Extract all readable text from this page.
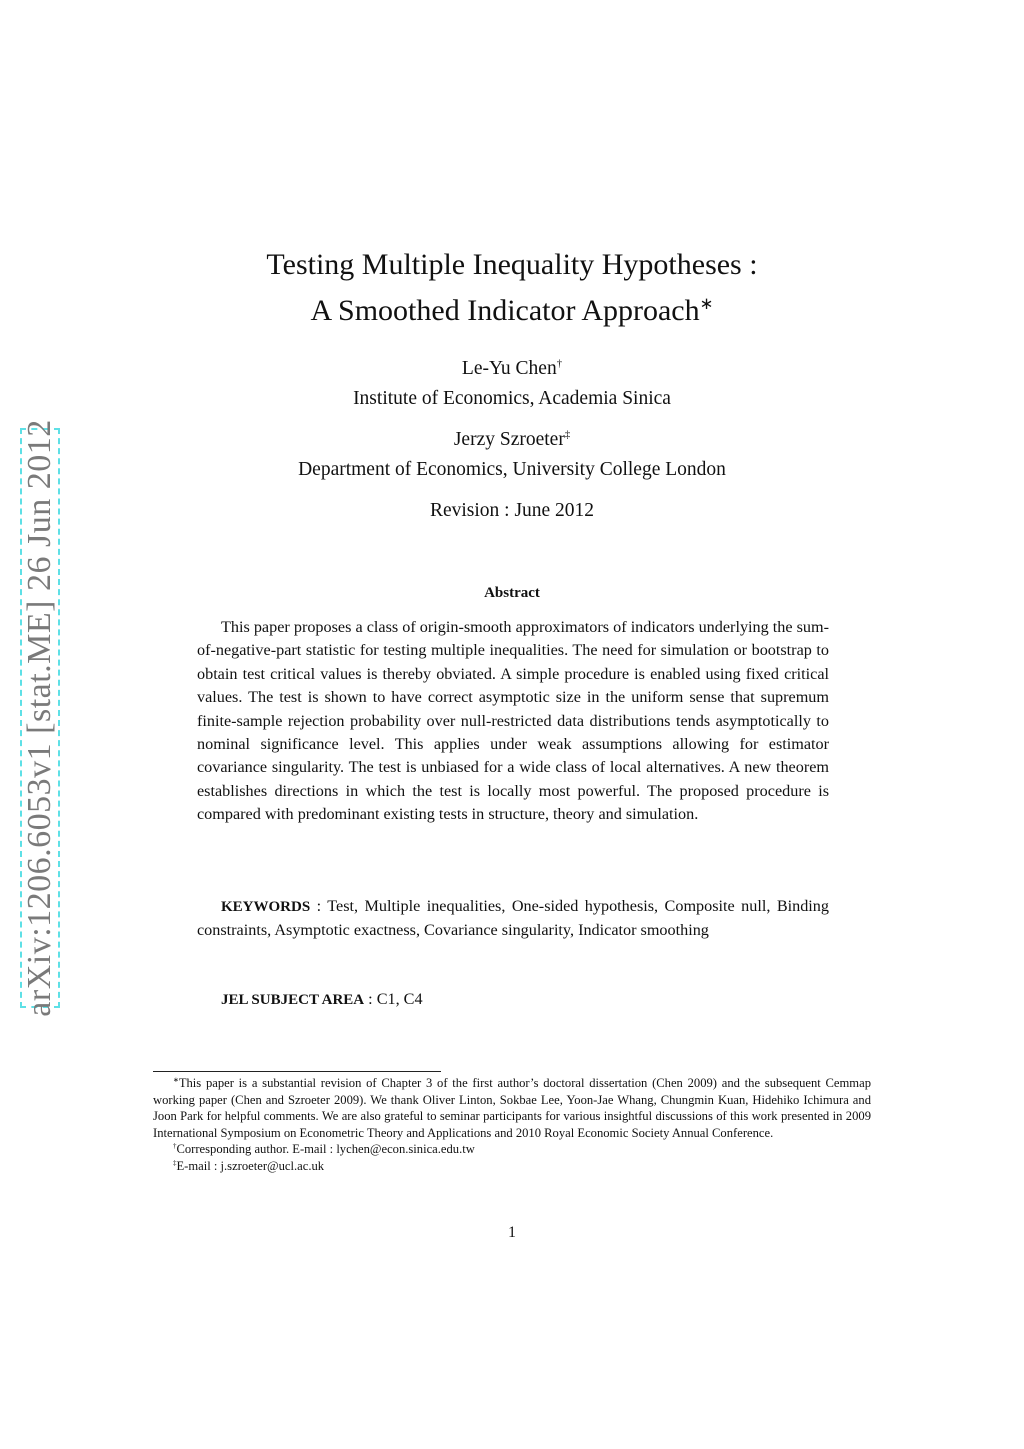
arXiv:1206.6053v1 [stat.ME] 26 Jun 2012
Testing Multiple Inequality Hypotheses :
A Smoothed Indicator Approach∗
Le-Yu Chen†
Institute of Economics, Academia Sinica
Jerzy Szroeter‡
Department of Economics, University College London
Revision : June 2012
Abstract
This paper proposes a class of origin-smooth approximators of indicators underlying the sum-of-negative-part statistic for testing multiple inequalities. The need for simulation or bootstrap to obtain test critical values is thereby obviated. A simple procedure is enabled using fixed critical values. The test is shown to have correct asymptotic size in the uniform sense that supremum finite-sample rejection probability over null-restricted data distributions tends asymptotically to nominal significance level. This applies under weak assumptions allowing for estimator covariance singularity. The test is unbiased for a wide class of local alternatives. A new theorem establishes directions in which the test is locally most powerful. The proposed procedure is compared with predominant existing tests in structure, theory and simulation.
KEYWORDS : Test, Multiple inequalities, One-sided hypothesis, Composite null, Binding constraints, Asymptotic exactness, Covariance singularity, Indicator smoothing
JEL SUBJECT AREA : C1, C4

∗This paper is a substantial revision of Chapter 3 of the first author’s doctoral dissertation (Chen 2009) and the subsequent Cemmap working paper (Chen and Szroeter 2009). We thank Oliver Linton, Sokbae Lee, Yoon-Jae Whang, Chungmin Kuan, Hidehiko Ichimura and Joon Park for helpful comments. We are also grateful to seminar participants for various insightful discussions of this work presented in 2009 International Symposium on Econometric Theory and Applications and 2010 Royal Economic Society Annual Conference.

†Corresponding author. E-mail : lychen@econ.sinica.edu.tw

‡E-mail : j.szroeter@ucl.ac.uk

1
